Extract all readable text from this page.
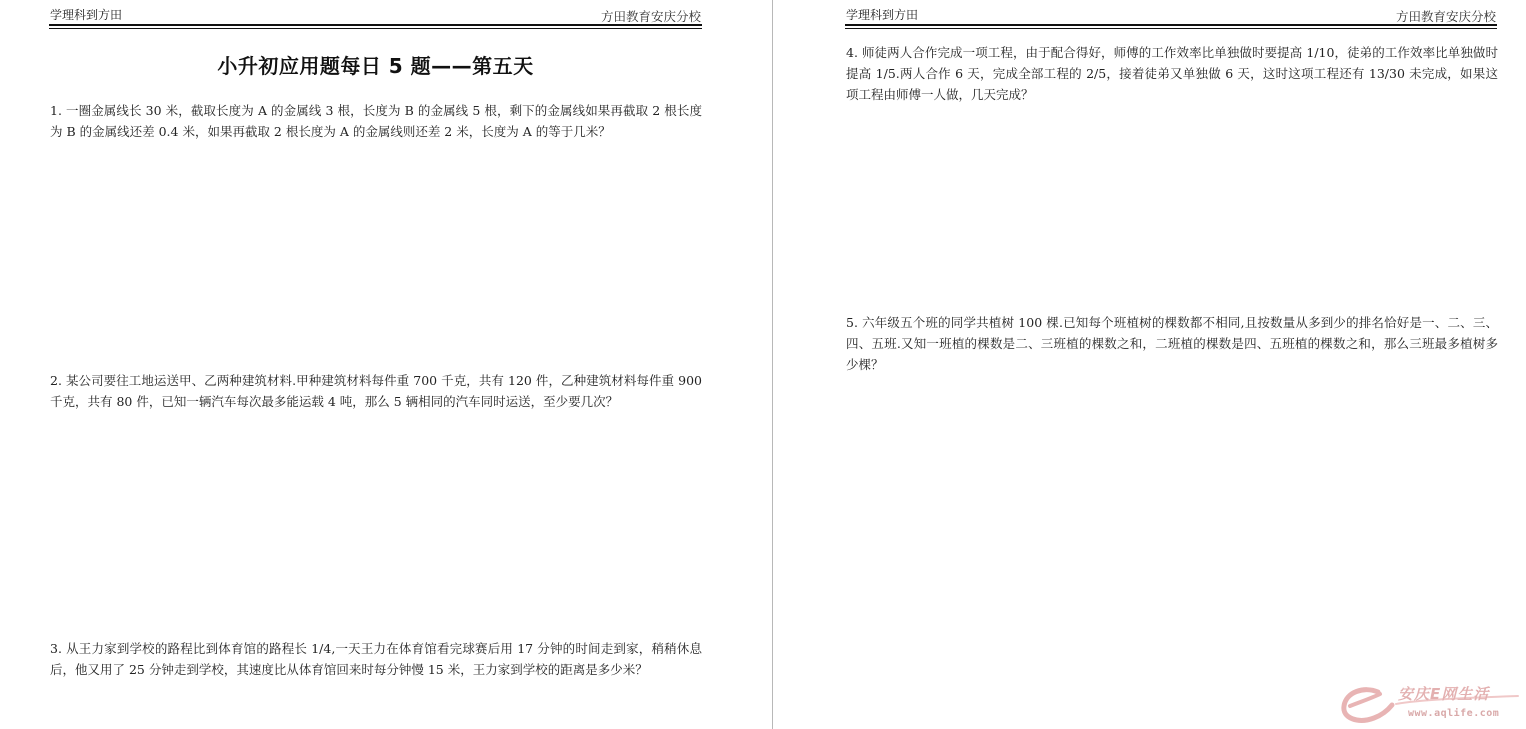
学理科到方田	方田教育安庆分校
小升初应用题每日 5 题——第五天
1. 一圈金属线长 30 米，截取长度为 A 的金属线 3 根，长度为 B 的金属线 5 根，剩下的金属线如果再截取 2 根长度为 B 的金属线还差 0.4 米，如果再截取 2 根长度为 A 的金属线则还差 2 米，长度为 A 的等于几米？
2. 某公司要往工地运送甲、乙两种建筑材料.甲种建筑材料每件重 700 千克，共有 120 件，乙种建筑材料每件重 900 千克，共有 80 件，已知一辆汽车每次最多能运载 4 吨，那么 5 辆相同的汽车同时运送，至少要几次？
3. 从王力家到学校的路程比到体育馆的路程长 1/4,一天王力在体育馆看完球赛后用 17 分钟的时间走到家，稍稍休息后，他又用了 25 分钟走到学校，其速度比从体育馆回来时每分钟慢 15 米，王力家到学校的距离是多少米？
学理科到方田	方田教育安庆分校
4. 师徒两人合作完成一项工程，由于配合得好，师傅的工作效率比单独做时要提高 1/10，徒弟的工作效率比单独做时提高 1/5.两人合作 6 天，完成全部工程的 2/5，接着徒弟又单独做 6 天，这时这项工程还有 13/30 未完成，如果这项工程由师傅一人做，几天完成？
5. 六年级五个班的同学共植树 100 棵.已知每个班植树的棵数都不相同,且按数量从多到少的排名恰好是一、二、三、四、五班.又知一班植的棵数是二、三班植的棵数之和，二班植的棵数是四、五班植的棵数之和，那么三班最多植树多少棵？
安庆E网生活
www.aqlife.com
